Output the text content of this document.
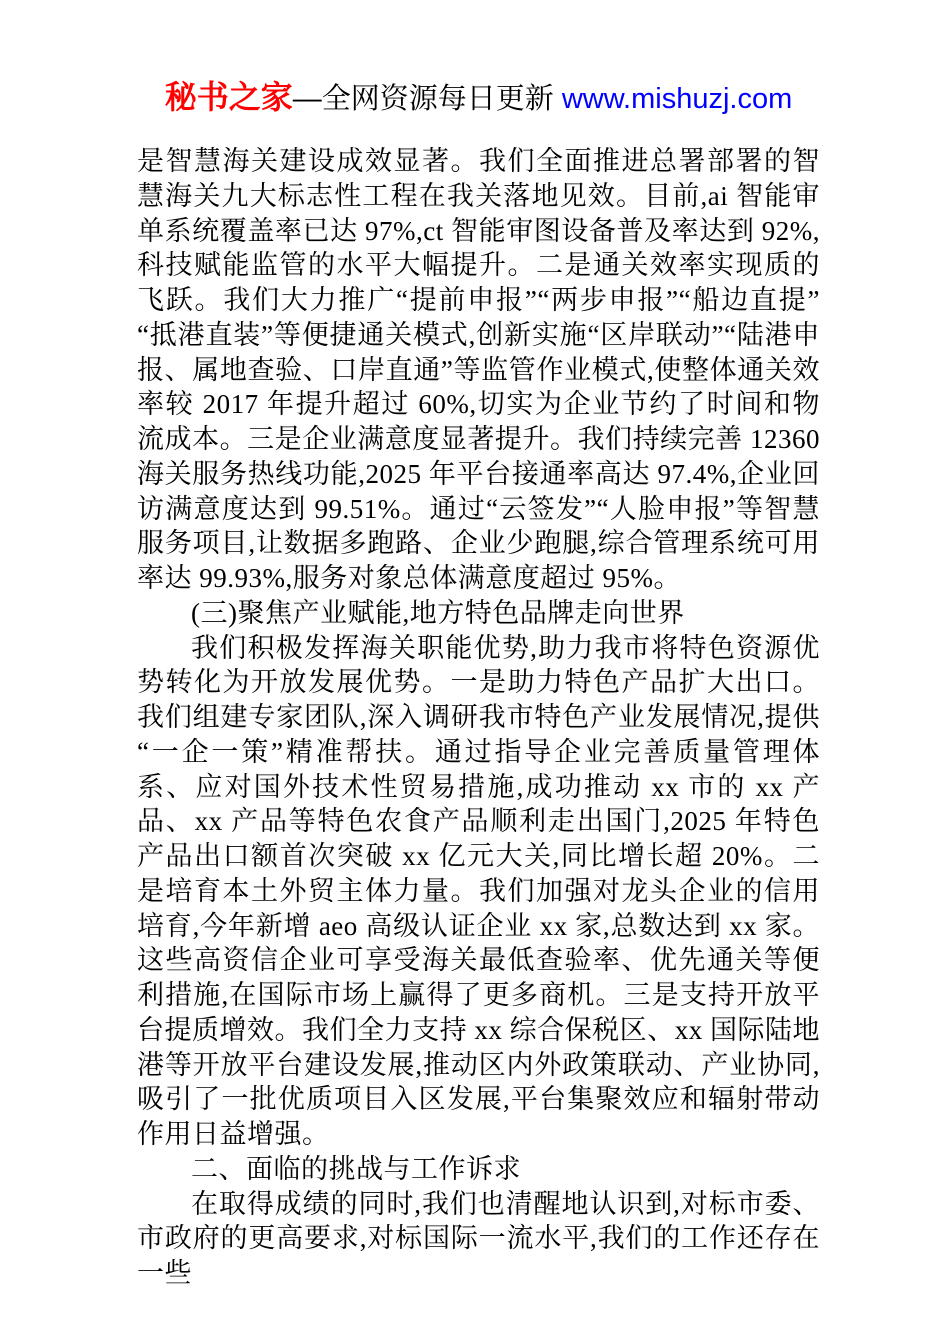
秘书之家—全网资源每日更新 www.mishuzj.com

是智慧海关建设成效显著。我们全面推进总署部署的智慧海关九大标志性工程在我关落地见效。目前,ai 智能审单系统覆盖率已达 97%,ct 智能审图设备普及率达到 92%,科技赋能监管的水平大幅提升。二是通关效率实现质的飞跃。我们大力推广“提前申报”“两步申报”“船边直提”“抵港直装”等便捷通关模式,创新实施“区岸联动”“陆港申报、属地查验、口岸直通”等监管作业模式,使整体通关效率较 2017 年提升超过 60%,切实为企业节约了时间和物流成本。三是企业满意度显著提升。我们持续完善 12360 海关服务热线功能,2025 年平台接通率高达 97.4%,企业回访满意度达到 99.51%。通过“云签发”“人脸申报”等智慧服务项目,让数据多跑路、企业少跑腿,综合管理系统可用率达 99.93%,服务对象总体满意度超过 95%。

(三)聚焦产业赋能,地方特色品牌走向世界

我们积极发挥海关职能优势,助力我市将特色资源优势转化为开放发展优势。一是助力特色产品扩大出口。我们组建专家团队,深入调研我市特色产业发展情况,提供“一企一策”精准帮扶。通过指导企业完善质量管理体系、应对国外技术性贸易措施,成功推动 xx 市的 xx 产品、xx 产品等特色农食产品顺利走出国门,2025 年特色产品出口额首次突破 xx 亿元大关,同比增长超 20%。二是培育本土外贸主体力量。我们加强对龙头企业的信用培育,今年新增 aeo 高级认证企业 xx 家,总数达到 xx 家。这些高资信企业可享受海关最低查验率、优先通关等便利措施,在国际市场上赢得了更多商机。三是支持开放平台提质增效。我们全力支持 xx 综合保税区、xx 国际陆地港等开放平台建设发展,推动区内外政策联动、产业协同,吸引了一批优质项目入区发展,平台集聚效应和辐射带动作用日益增强。

二、面临的挑战与工作诉求

在取得成绩的同时,我们也清醒地认识到,对标市委、市政府的更高要求,对标国际一流水平,我们的工作还存在一些
